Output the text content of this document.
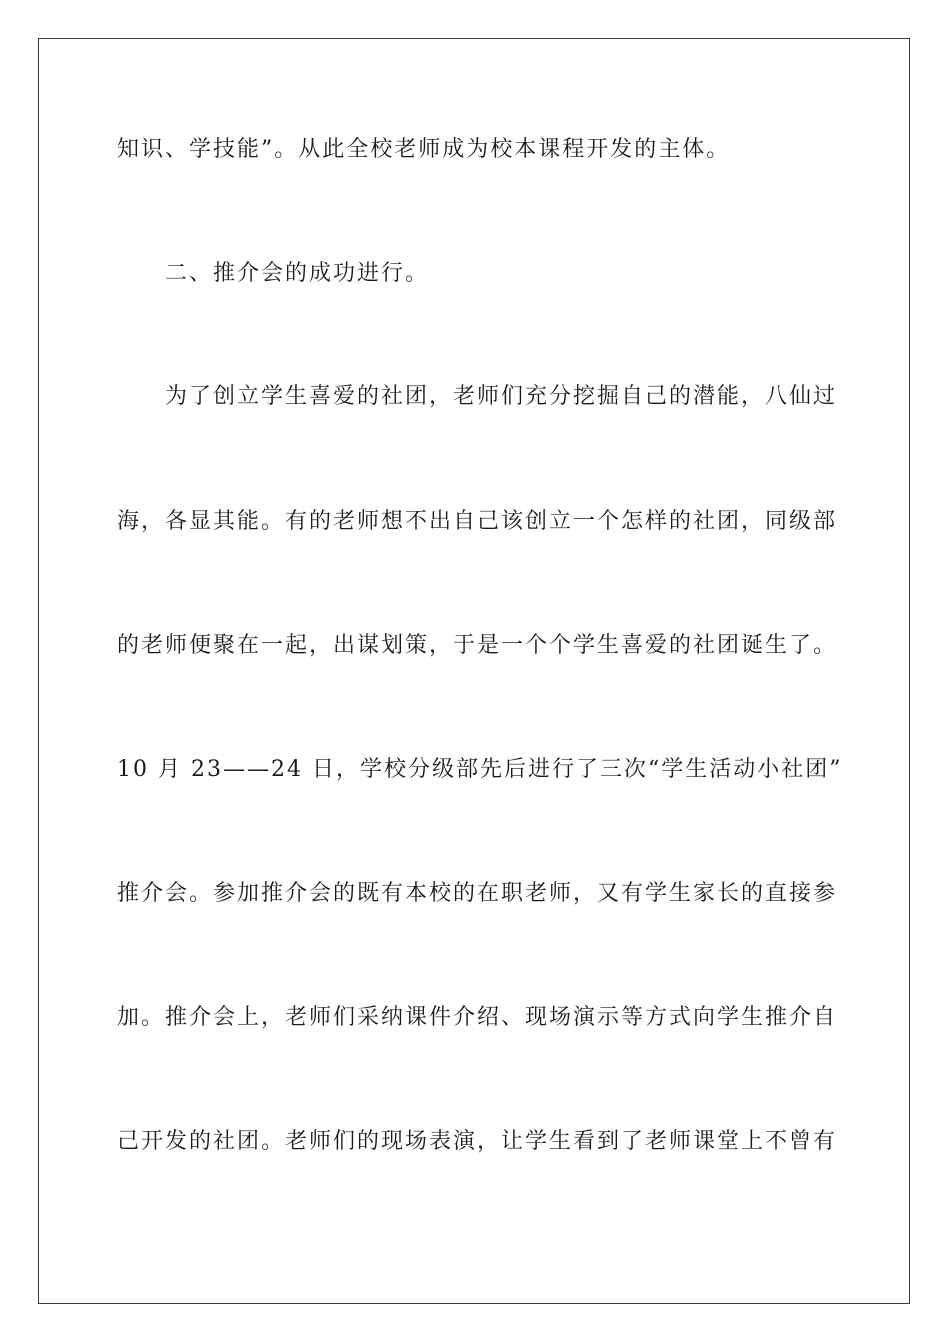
知识、学技能”。从此全校老师成为校本课程开发的主体。
二、推介会的成功进行。
为了创立学生喜爱的社团，老师们充分挖掘自己的潜能，八仙过
海，各显其能。有的老师想不出自己该创立一个怎样的社团，同级部
的老师便聚在一起，出谋划策，于是一个个学生喜爱的社团诞生了。
10 月 23——24 日，学校分级部先后进行了三次“学生活动小社团”
推介会。参加推介会的既有本校的在职老师，又有学生家长的直接参
加。推介会上，老师们采纳课件介绍、现场演示等方式向学生推介自
己开发的社团。老师们的现场表演，让学生看到了老师课堂上不曾有
